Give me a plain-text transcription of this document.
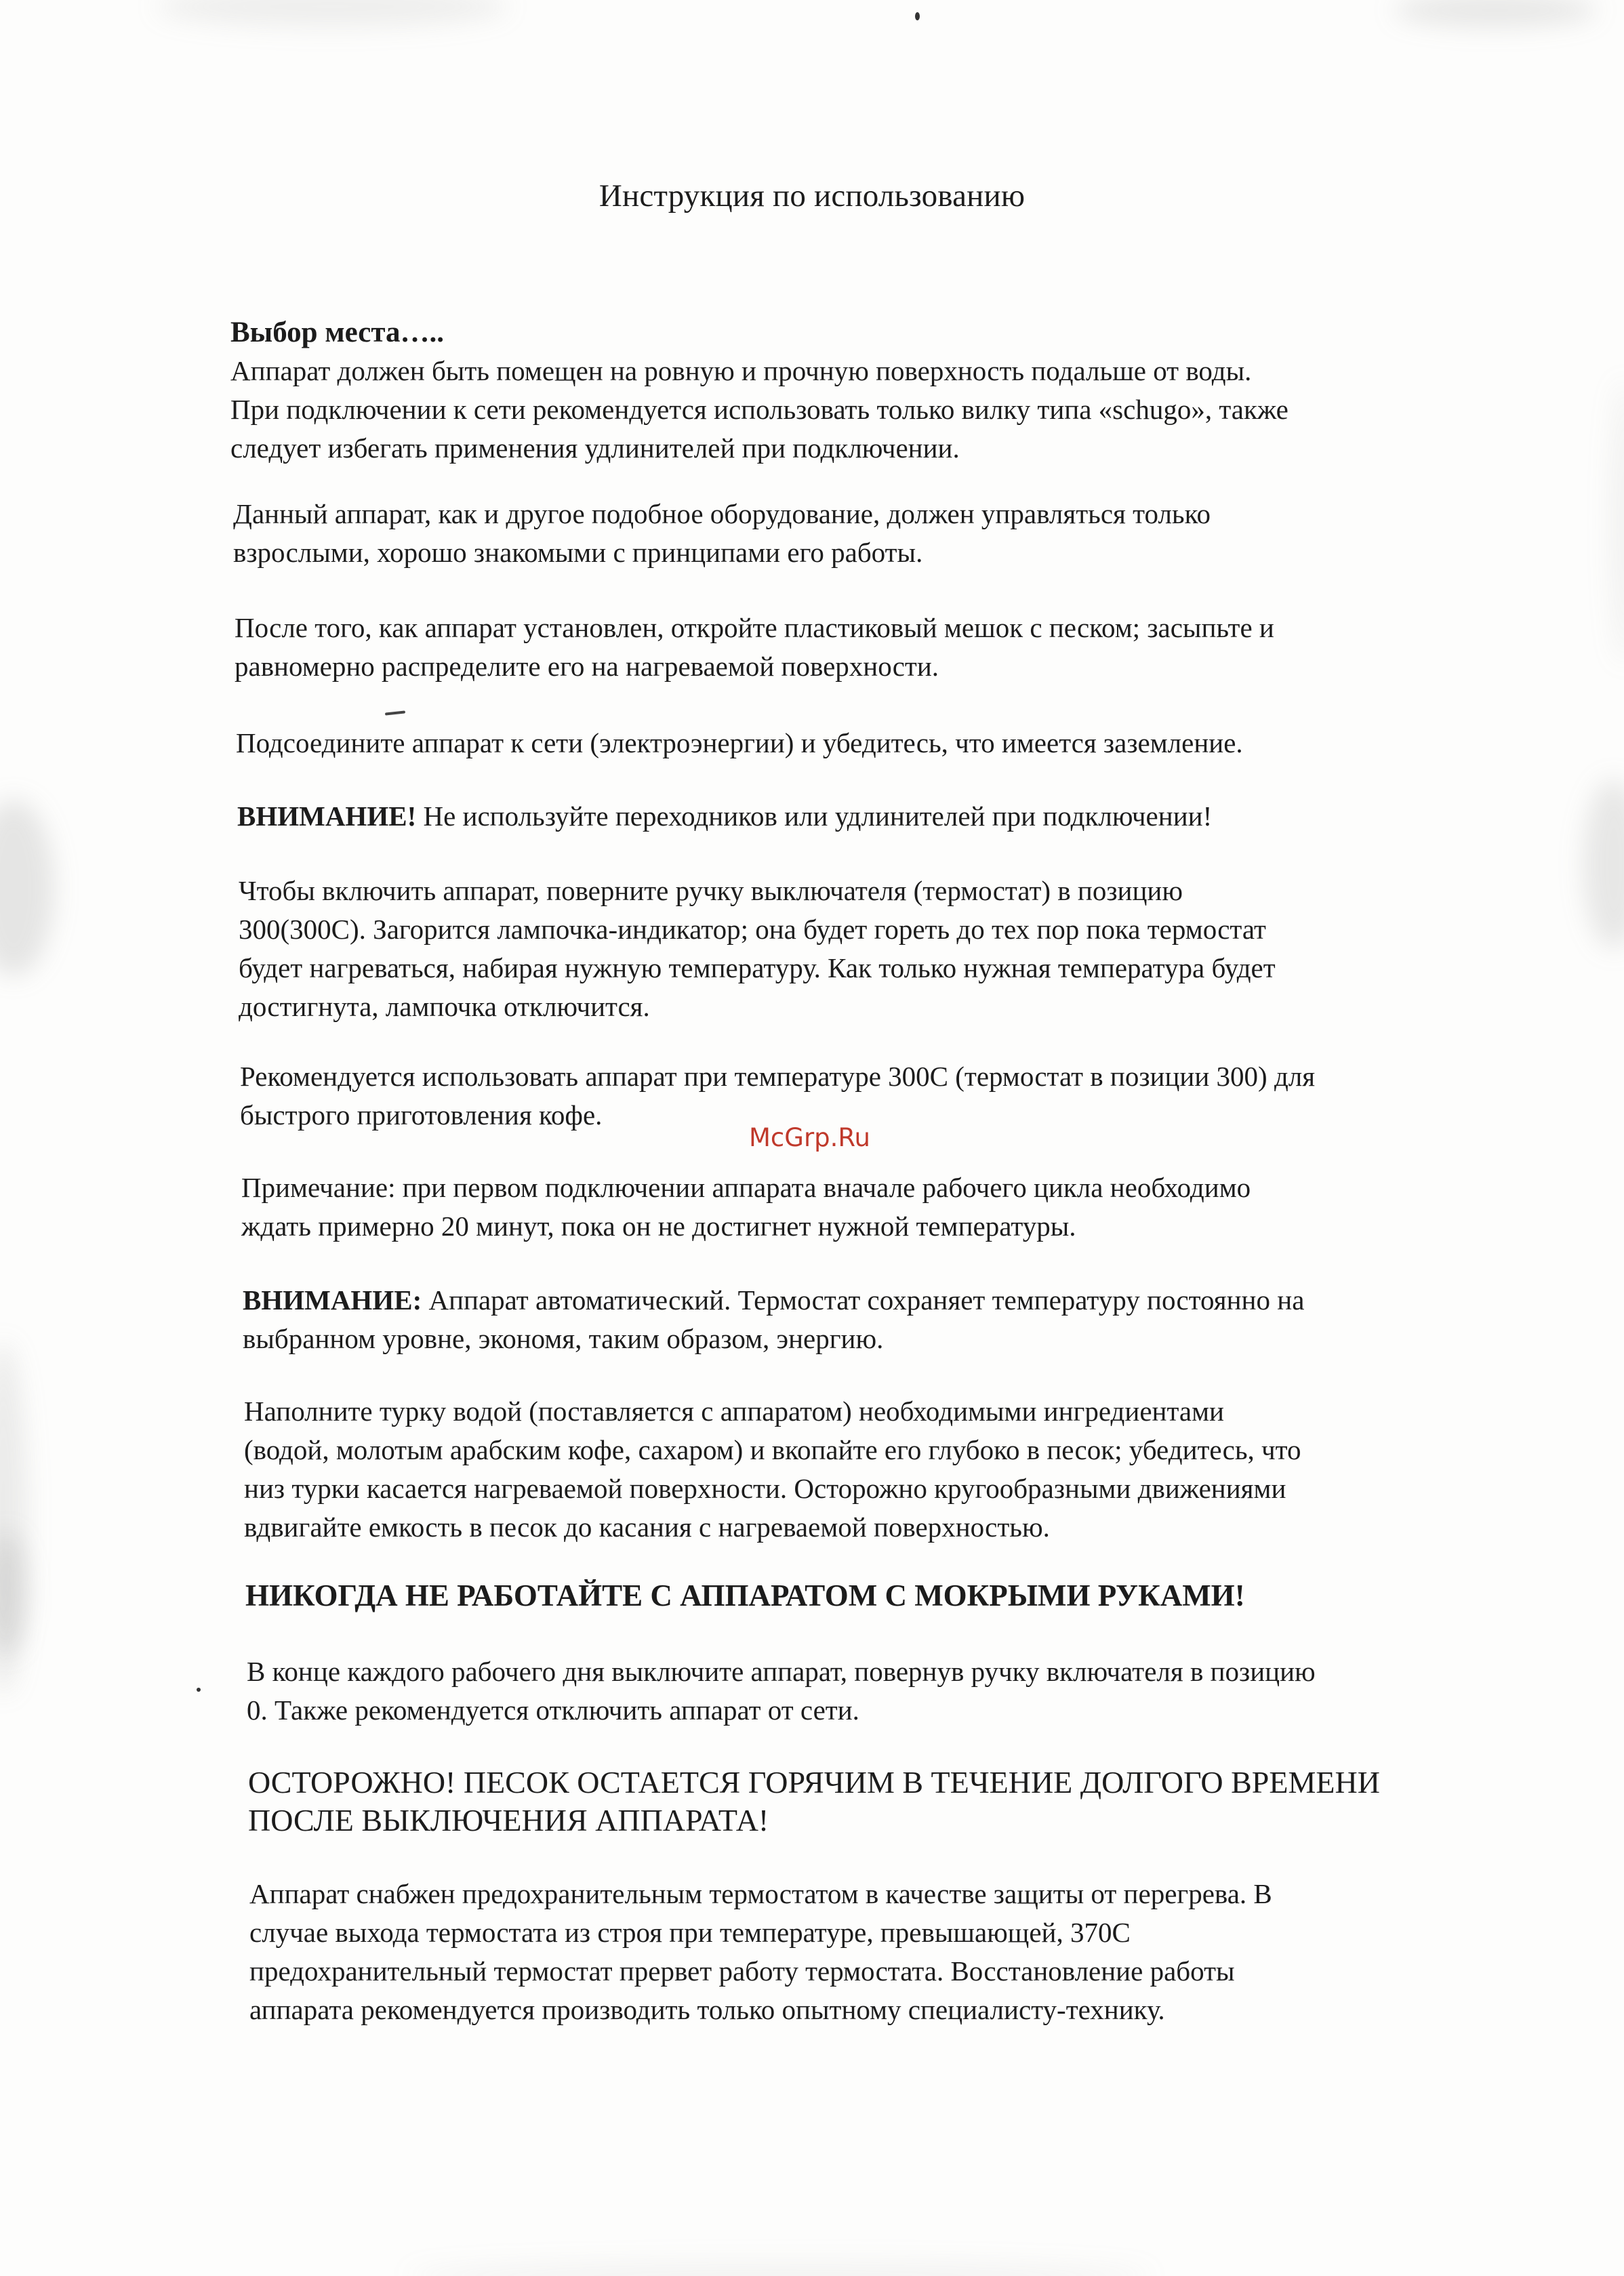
Инструкция по использованию
Выбор места…..
Аппарат должен быть помещен на ровную и прочную поверхность подальше от воды.
При подключении к сети рекомендуется использовать только вилку типа «schugo», также
следует избегать применения удлинителей при подключении.
Данный аппарат, как и другое подобное оборудование, должен управляться только
взрослыми, хорошо знакомыми с принципами его работы.
После того, как аппарат установлен, откройте пластиковый мешок с песком; засыпьте и
равномерно распределите его на нагреваемой поверхности.
Подсоедините аппарат к сети (электроэнергии) и убедитесь, что имеется заземление.
ВНИМАНИЕ! Не используйте переходников или удлинителей при подключении!
Чтобы включить аппарат, поверните ручку выключателя (термостат) в позицию
300(300С). Загорится лампочка-индикатор; она будет гореть до тех пор пока термостат
будет нагреваться, набирая нужную температуру. Как только нужная температура будет
достигнута, лампочка отключится.
Рекомендуется использовать аппарат при температуре 300С (термостат в позиции 300) для
быстрого приготовления кофе.
McGrp.Ru
Примечание: при первом подключении аппарата вначале рабочего цикла необходимо
ждать примерно 20 минут, пока он не достигнет нужной температуры.
ВНИМАНИЕ: Аппарат автоматический. Термостат сохраняет температуру постоянно на
выбранном уровне, экономя, таким образом, энергию.
Наполните турку водой (поставляется с аппаратом) необходимыми ингредиентами
(водой, молотым арабским кофе, сахаром) и вкопайте его глубоко в песок; убедитесь, что
низ турки касается нагреваемой поверхности. Осторожно кругообразными движениями
вдвигайте емкость в песок до касания с нагреваемой поверхностью.
НИКОГДА НЕ РАБОТАЙТЕ С АППАРАТОМ С МОКРЫМИ РУКАМИ!
В конце каждого рабочего дня выключите аппарат, повернув ручку включателя в позицию
0. Также рекомендуется отключить аппарат от сети.
ОСТОРОЖНО! ПЕСОК ОСТАЕТСЯ ГОРЯЧИМ В ТЕЧЕНИЕ ДОЛГОГО ВРЕМЕНИ
ПОСЛЕ ВЫКЛЮЧЕНИЯ АППАРАТА!
Аппарат снабжен предохранительным термостатом в качестве защиты от перегрева. В
случае выхода термостата из строя при температуре, превышающей, 370С
предохранительный термостат прервет работу термостата. Восстановление работы
аппарата рекомендуется производить только опытному специалисту-технику.
